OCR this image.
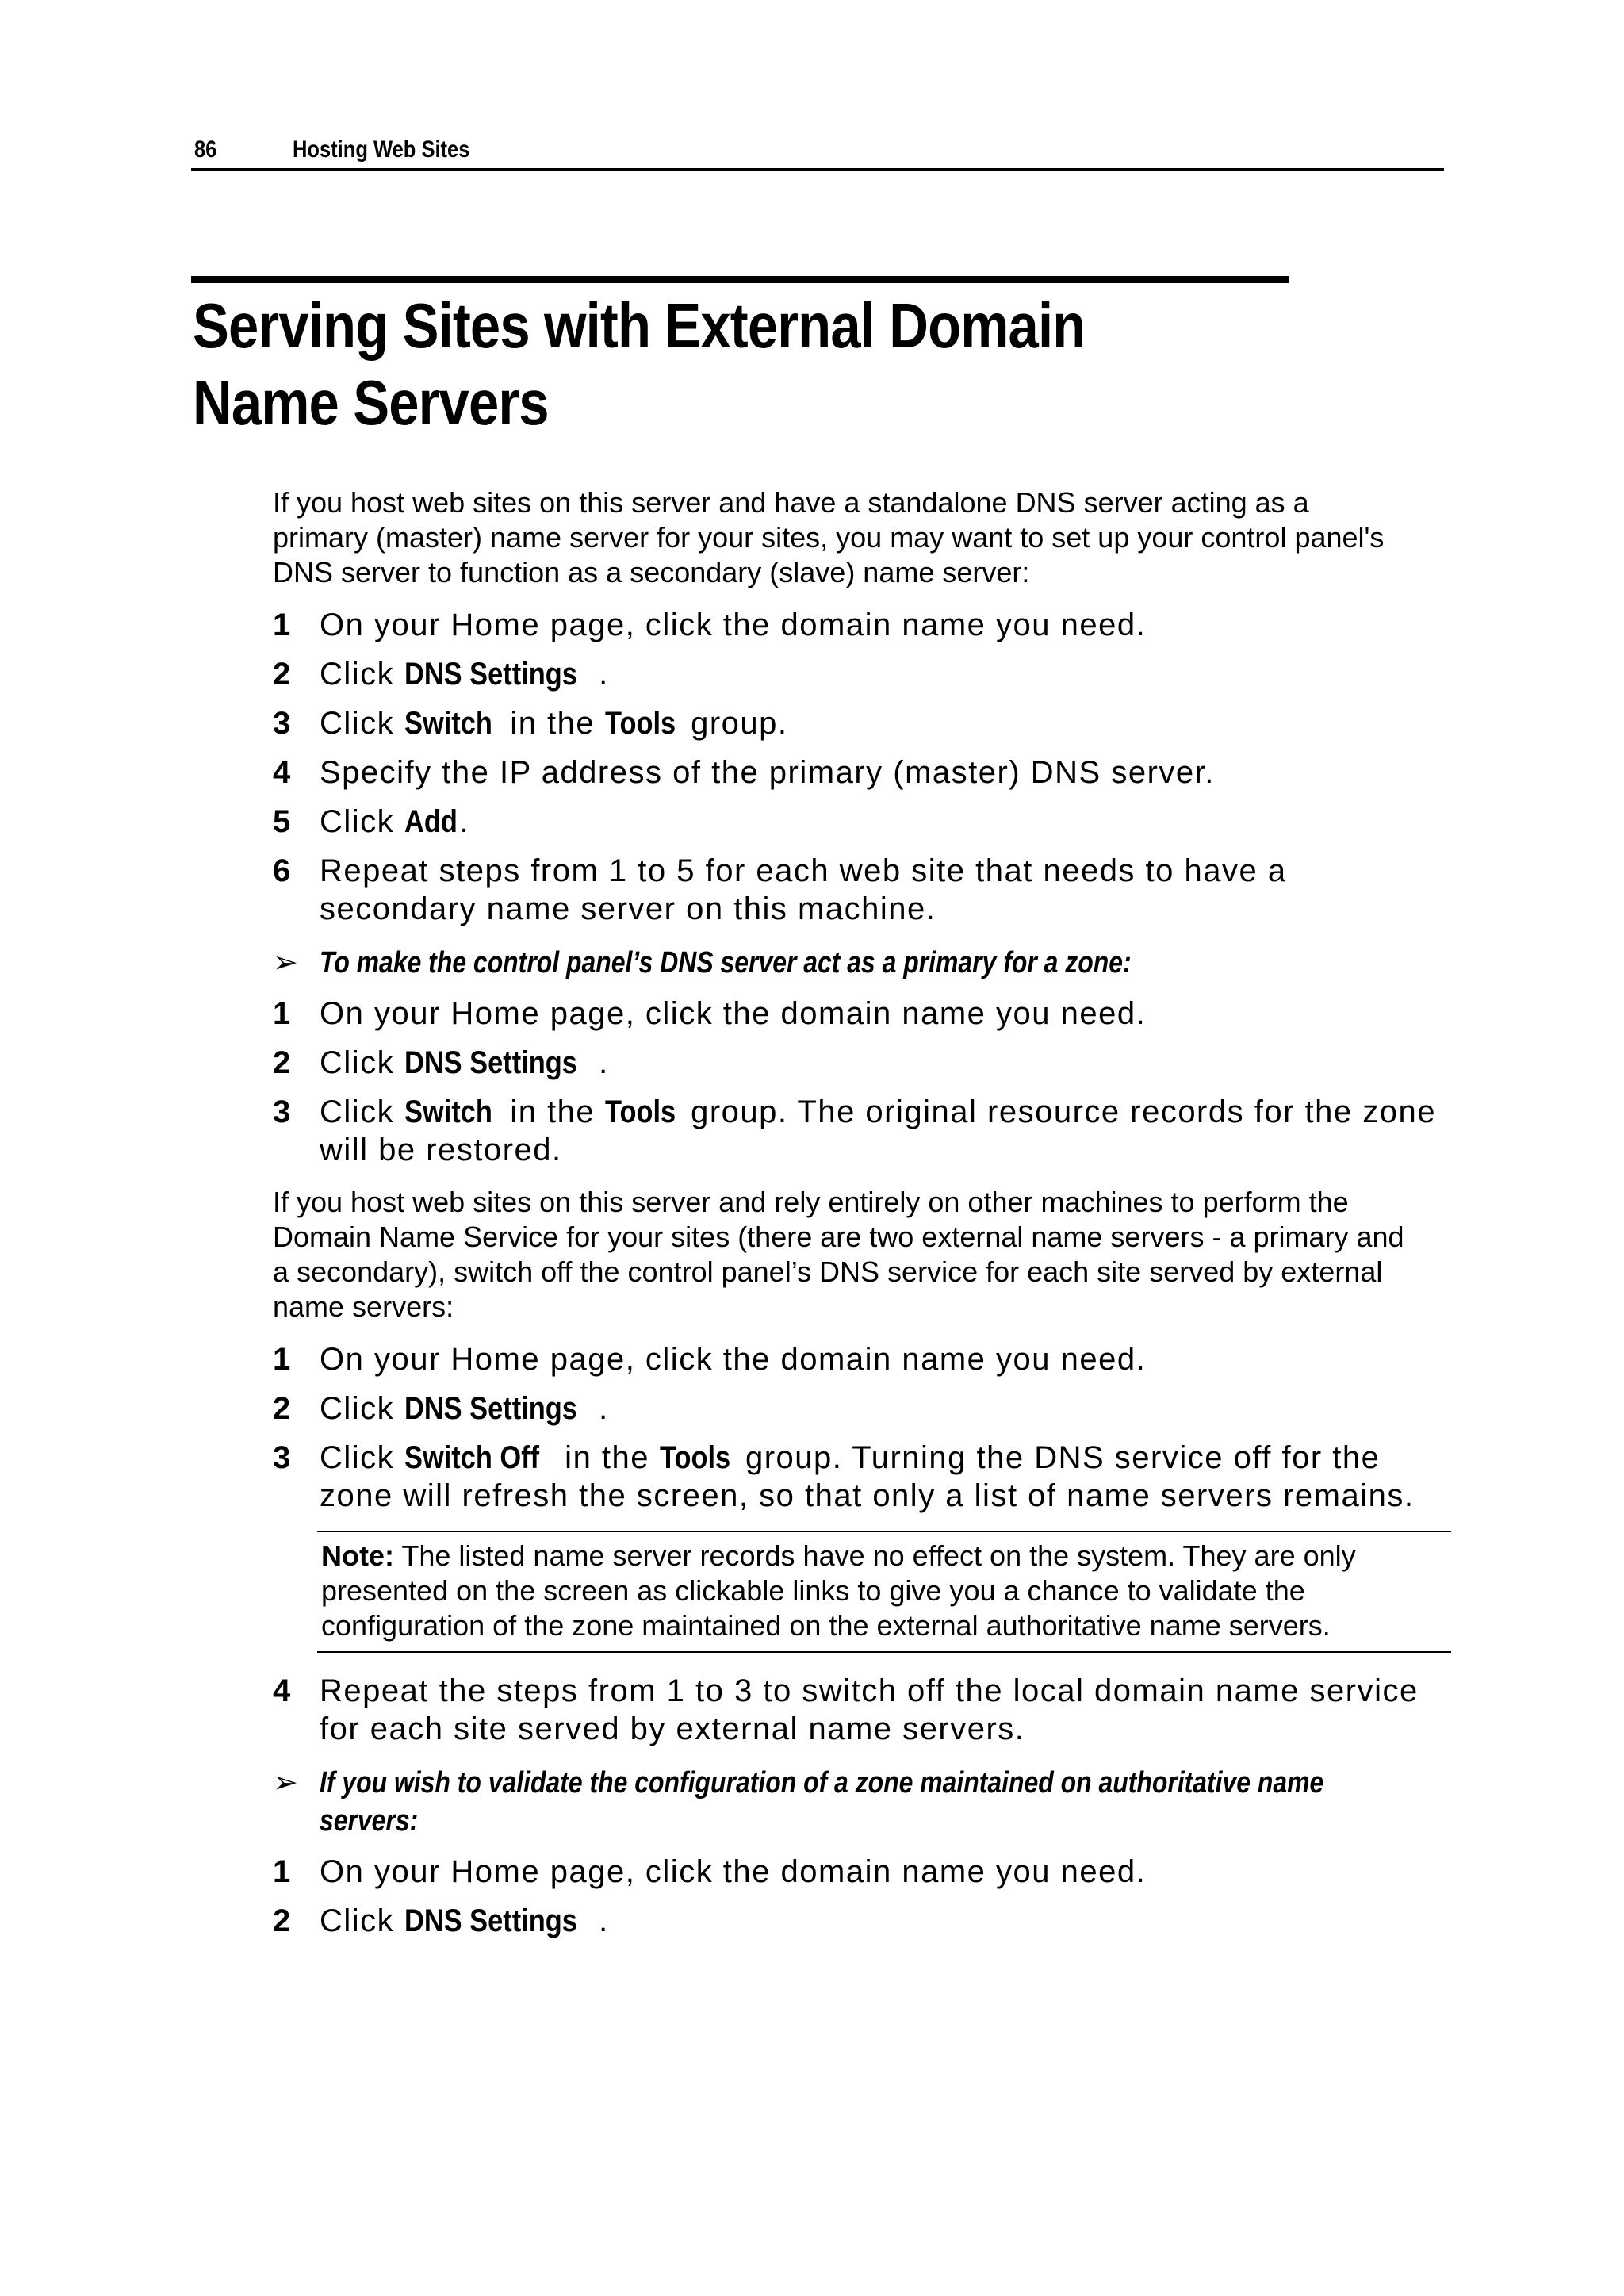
86	Hosting Web Sites
Serving Sites with External Domain Name Servers

If you host web sites on this server and have a standalone DNS server acting as a primary (master) name server for your sites, you may want to set up your control panel's DNS server to function as a secondary (slave) name server:

1 On your Home page, click the domain name you need.
2 Click DNS Settings .
3 Click Switch in the Tools group.
4 Specify the IP address of the primary (master) DNS server.
5 Click Add.
6 Repeat steps from 1 to 5 for each web site that needs to have a secondary name server on this machine.
➢ To make the control panel’s DNS server act as a primary for a zone:
1 On your Home page, click the domain name you need.
2 Click DNS Settings .
3 Click Switch in the Tools group. The original resource records for the zone will be restored.

If you host web sites on this server and rely entirely on other machines to perform the Domain Name Service for your sites (there are two external name servers - a primary and a secondary), switch off the control panel’s DNS service for each site served by external name servers:

1 On your Home page, click the domain name you need.
2 Click DNS Settings .
3 Click Switch Off in the Tools group. Turning the DNS service off for the zone will refresh the screen, so that only a list of name servers remains.
Note: The listed name server records have no effect on the system. They are only presented on the screen as clickable links to give you a chance to validate the configuration of the zone maintained on the external authoritative name servers.
4 Repeat the steps from 1 to 3 to switch off the local domain name service for each site served by external name servers.
➢ If you wish to validate the configuration of a zone maintained on authoritative name servers:
1 On your Home page, click the domain name you need.
2 Click DNS Settings .
